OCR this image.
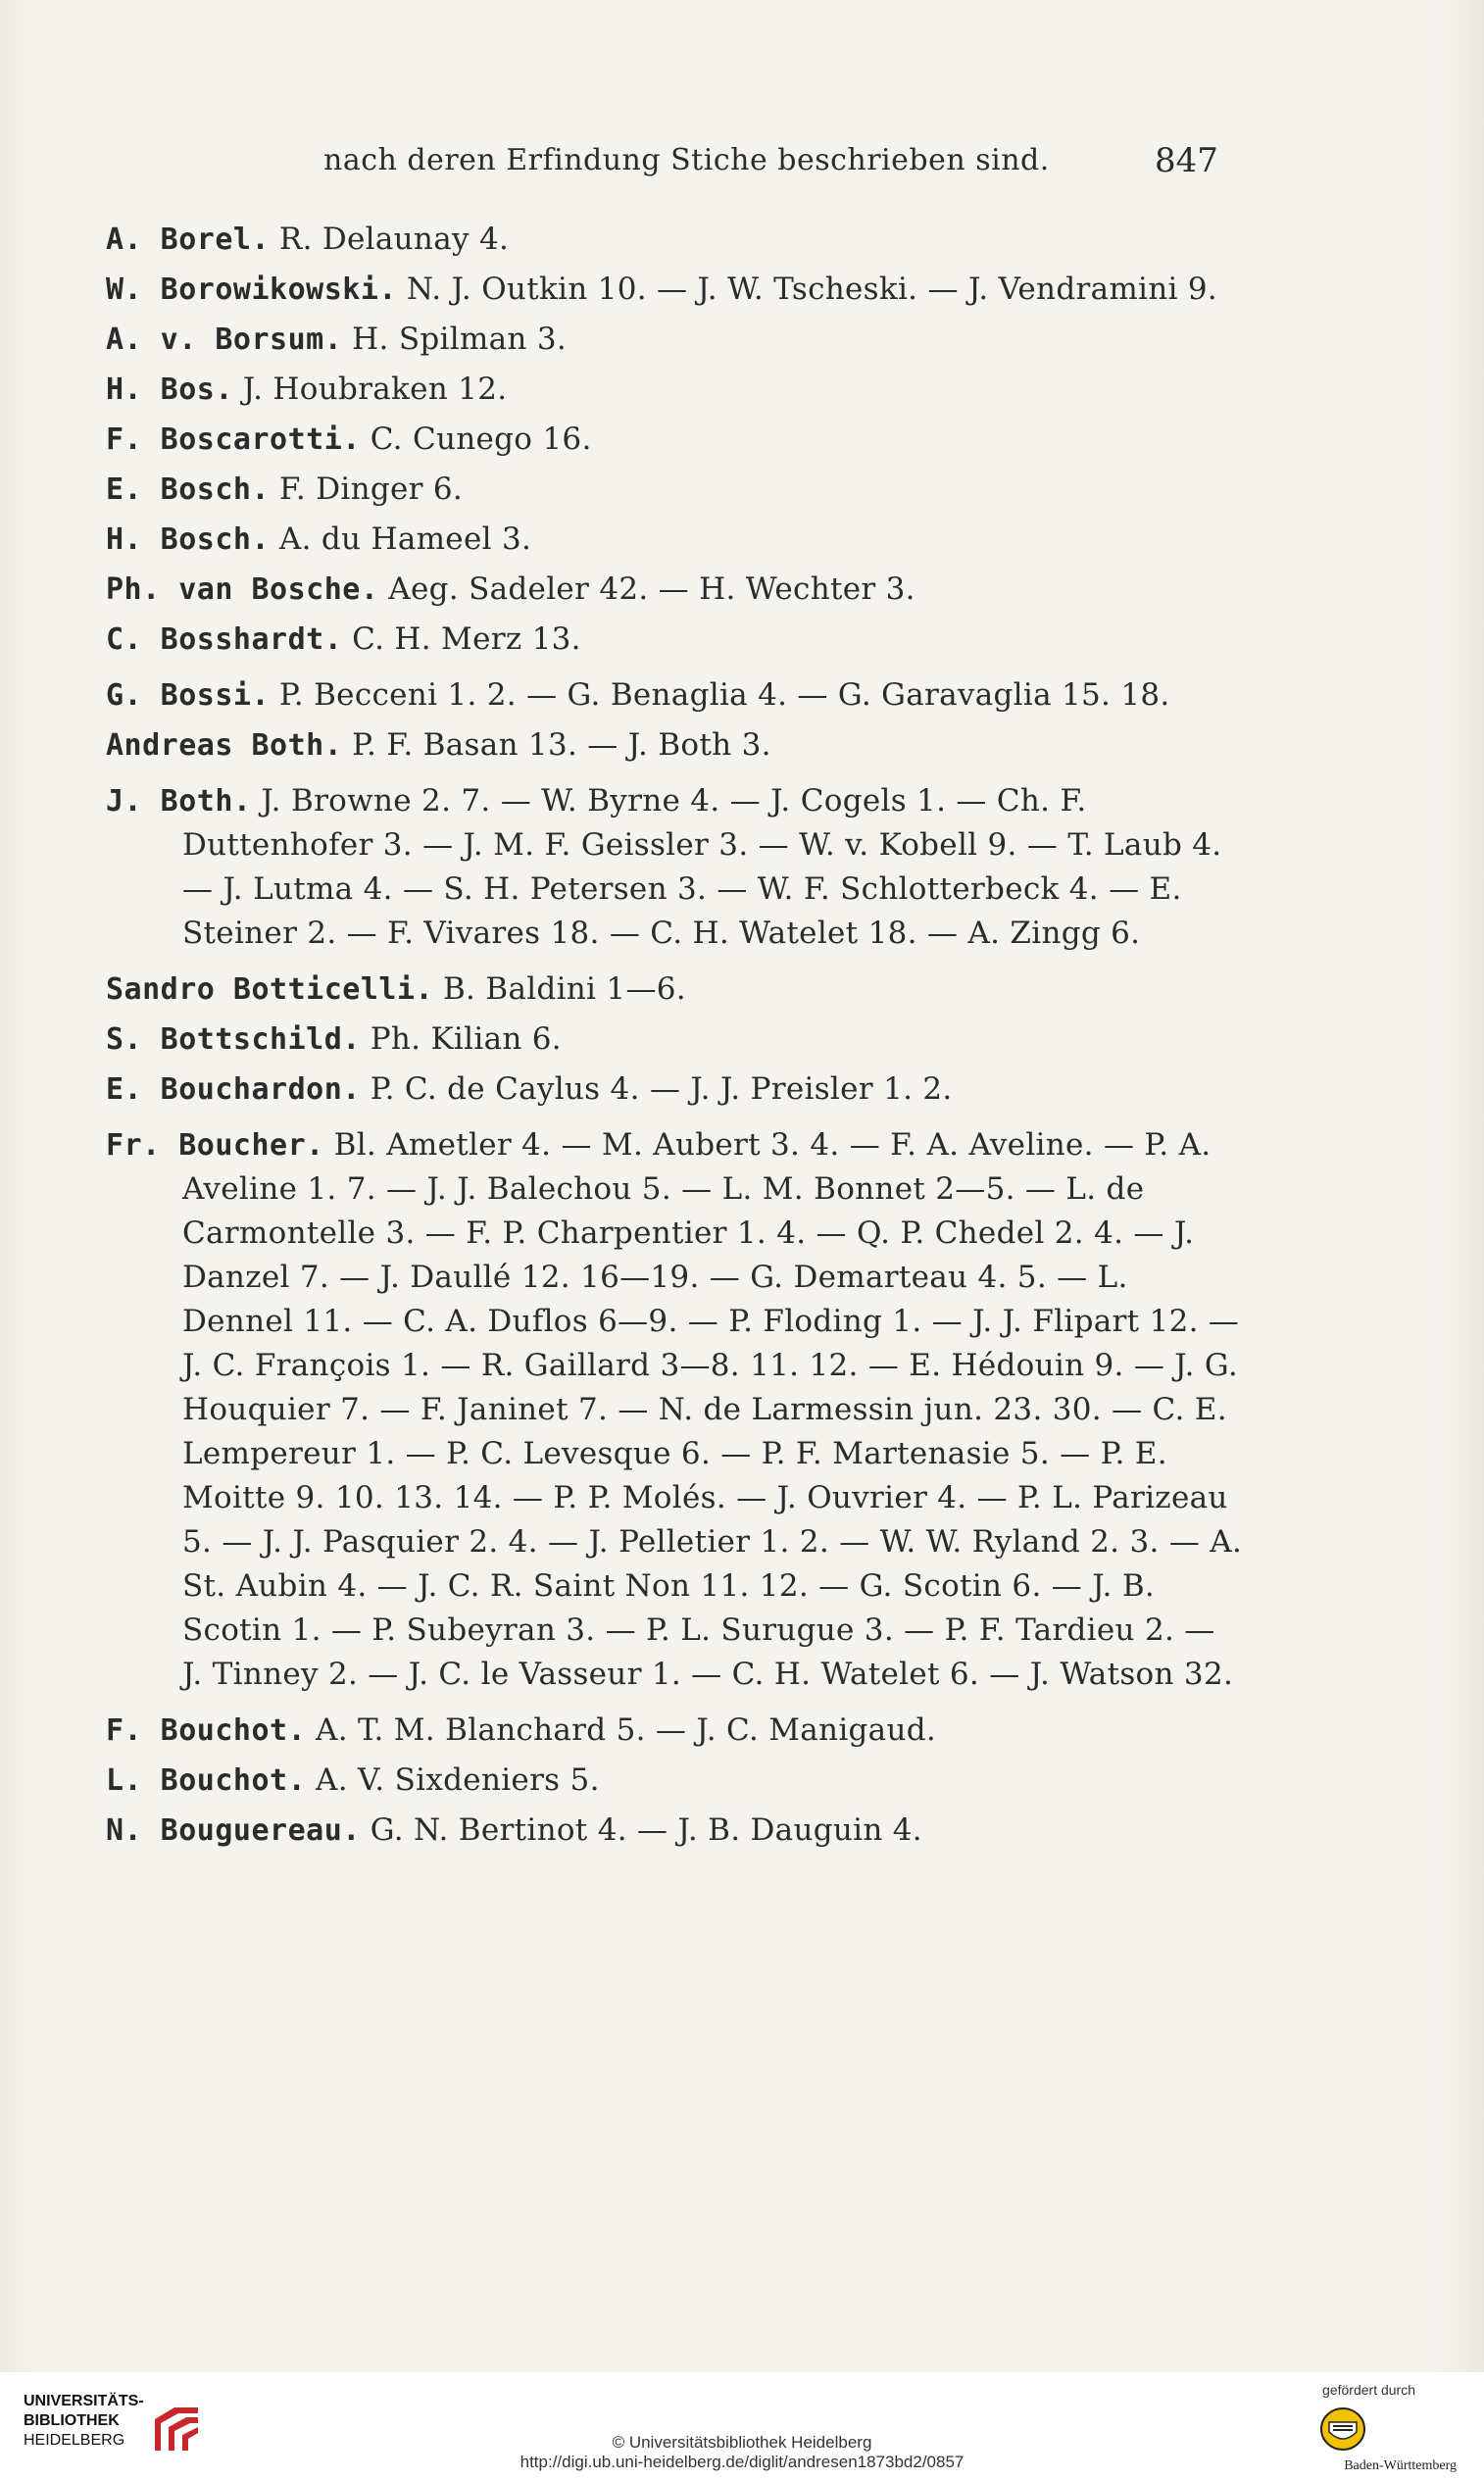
nach deren Erfindung Stiche beschrieben sind.	847
A. Borel. R. Delaunay 4.
W. Borowikowski. N. J. Outkin 10. — J. W. Tscheski. — J. Vendramini 9.
A. v. Borsum. H. Spilman 3.
H. Bos. J. Houbraken 12.
F. Boscarotti. C. Cunego 16.
E. Bosch. F. Dinger 6.
H. Bosch. A. du Hameel 3.
Ph. van Bosche. Aeg. Sadeler 42. — H. Wechter 3.
C. Bosshardt. C. H. Merz 13.
G. Bossi. P. Becceni 1. 2. — G. Benaglia 4. — G. Garavaglia 15. 18.
Andreas Both. P. F. Basan 13. — J. Both 3.
J. Both. J. Browne 2. 7. — W. Byrne 4. — J. Cogels 1. — Ch. F. Duttenhofer 3. — J. M. F. Geissler 3. — W. v. Kobell 9. — T. Laub 4. — J. Lutma 4. — S. H. Petersen 3. — W. F. Schlotterbeck 4. — E. Steiner 2. — F. Vivares 18. — C. H. Watelet 18. — A. Zingg 6.
Sandro Botticelli. B. Baldini 1—6.
S. Bottschild. Ph. Kilian 6.
E. Bouchardon. P. C. de Caylus 4. — J. J. Preisler 1. 2.
Fr. Boucher. Bl. Ametler 4. — M. Aubert 3. 4. — F. A. Aveline. — P. A. Aveline 1. 7. — J. J. Balechou 5. — L. M. Bonnet 2—5. — L. de Carmontelle 3. — F. P. Charpentier 1. 4. — Q. P. Chedel 2. 4. — J. Danzel 7. — J. Daullé 12. 16—19. — G. Demarteau 4. 5. — L. Dennel 11. — C. A. Duflos 6—9. — P. Floding 1. — J. J. Flipart 12. — J. C. François 1. — R. Gaillard 3—8. 11. 12. — E. Hédouin 9. — J. G. Houquier 7. — F. Janinet 7. — N. de Larmessin jun. 23. 30. — C. E. Lempereur 1. — P. C. Levesque 6. — P. F. Martenasie 5. — P. E. Moitte 9. 10. 13. 14. — P. P. Molés. — J. Ouvrier 4. — P. L. Parizeau 5. — J. J. Pasquier 2. 4. — J. Pelletier 1. 2. — W. W. Ryland 2. 3. — A. St. Aubin 4. — J. C. R. Saint Non 11. 12. — G. Scotin 6. — J. B. Scotin 1. — P. Subeyran 3. — P. L. Surugue 3. — P. F. Tardieu 2. — J. Tinney 2. — J. C. le Vasseur 1. — C. H. Watelet 6. — J. Watson 32.
F. Bouchot. A. T. M. Blanchard 5. — J. C. Manigaud.
L. Bouchot. A. V. Sixdeniers 5.
N. Bouguereau. G. N. Bertinot 4. — J. B. Dauguin 4.
UNIVERSITÄTS-
BIBLIOTHEK
HEIDELBERG	© Universitätsbibliothek Heidelberg
http://digi.ub.uni-heidelberg.de/diglit/andresen1873bd2/0857
gefördert durch
Baden-Württemberg
